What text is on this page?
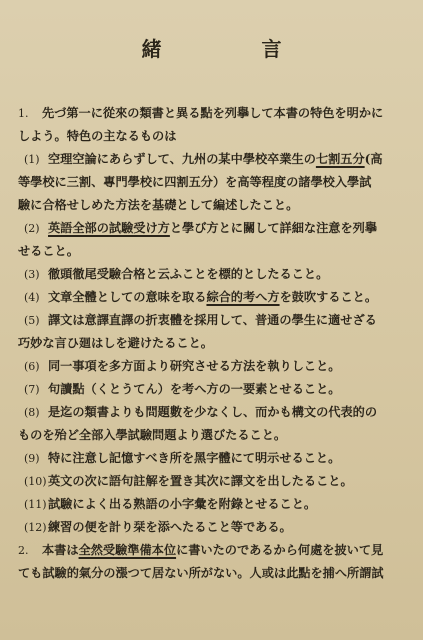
緒　言
1. 先づ第一に從來の類書と異る點を列擧して本書の特色を明かに
しよう。特色の主なるものは
(1) 空理空論にあらずして、九州の某中學校卒業生の七割五分(高
等學校に三割、專門學校に四割五分）を高等程度の諸學校入學試
驗に合格せしめた方法を基礎として編述したこと。
(2) 英語全部の試驗受け方と學び方とに關して詳細な注意を列擧
せること。
(3) 徹頭徹尾受驗合格と云ふことを標的としたること。
(4) 文章全體としての意味を取る綜合的考へ方を鼓吹すること。
(5) 譯文は意譯直譯の折衷體を採用して、普通の學生に適せざる
巧妙な言ひ廻はしを避けたること。
(6) 同一事項を多方面より研究させる方法を執りしこと。
(7) 句讀點（くとうてん）を考へ方の一要素とせること。
(8) 是迄の類書よりも問題數を少なくし、而かも構文の代表的の
ものを殆ど全部入學試驗問題より選びたること。
(9) 特に注意し記憶すべき所を黑字體にて明示せること。
(10)英文の次に語句註解を置き其次に譯文を出したること。
(11)試驗によく出る熟語の小字彙を附錄とせること。
(12)練習の便を計り栞を添へたること等である。
2. 本書は全然受驗準備本位に書いたのであるから何處を披いて見
ても試驗的氣分の漲つて居ない所がない。人或は此點を捕へ所謂試
